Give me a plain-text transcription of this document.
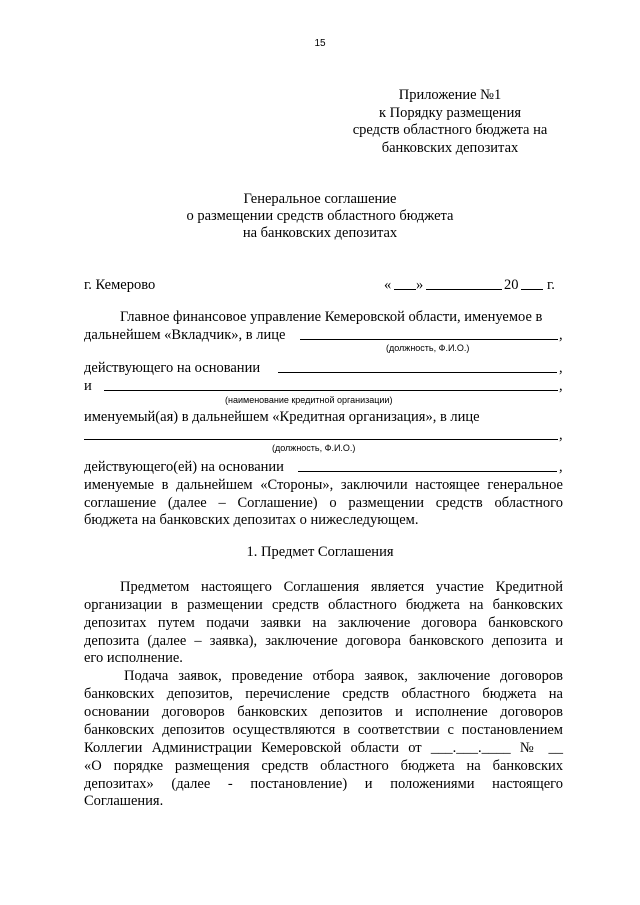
15
Приложение №1
к Порядку размещения
средств областного бюджета на
банковских депозитах
Генеральное соглашение
о размещении средств областного бюджета
на банковских депозитах
г. Кемерово	« »	20 г.
Главное финансовое управление Кемеровской области, именуемое в
дальнейшем «Вкладчик», в лице	,
(должность, Ф.И.О.)
действующего на основании	,
и	,
(наименование кредитной организации)
именуемый(ая) в дальнейшем «Кредитная организация», в лице
,
(должность, Ф.И.О.)
действующего(ей) на основании	,
именуемые в дальнейшем «Стороны», заключили настоящее генеральное
соглашение (далее – Соглашение) о размещении средств областного
бюджета на банковских депозитах о нижеследующем.
1. Предмет Соглашения
Предметом настоящего Соглашения является участие Кредитной
организации в размещении средств областного бюджета на банковских
депозитах путем подачи заявки на заключение договора банковского
депозита (далее – заявка), заключение договора банковского депозита и
его исполнение.
Подача заявок, проведение отбора заявок, заключение договоров
банковских депозитов, перечисление средств областного бюджета на
основании договоров банковских депозитов и исполнение договоров
банковских депозитов осуществляются в соответствии с постановлением
Коллегии Администрации Кемеровской области от ___.___.____ № __
«О порядке размещения средств областного бюджета на банковских
депозитах» (далее - постановление) и положениями настоящего
Соглашения.
